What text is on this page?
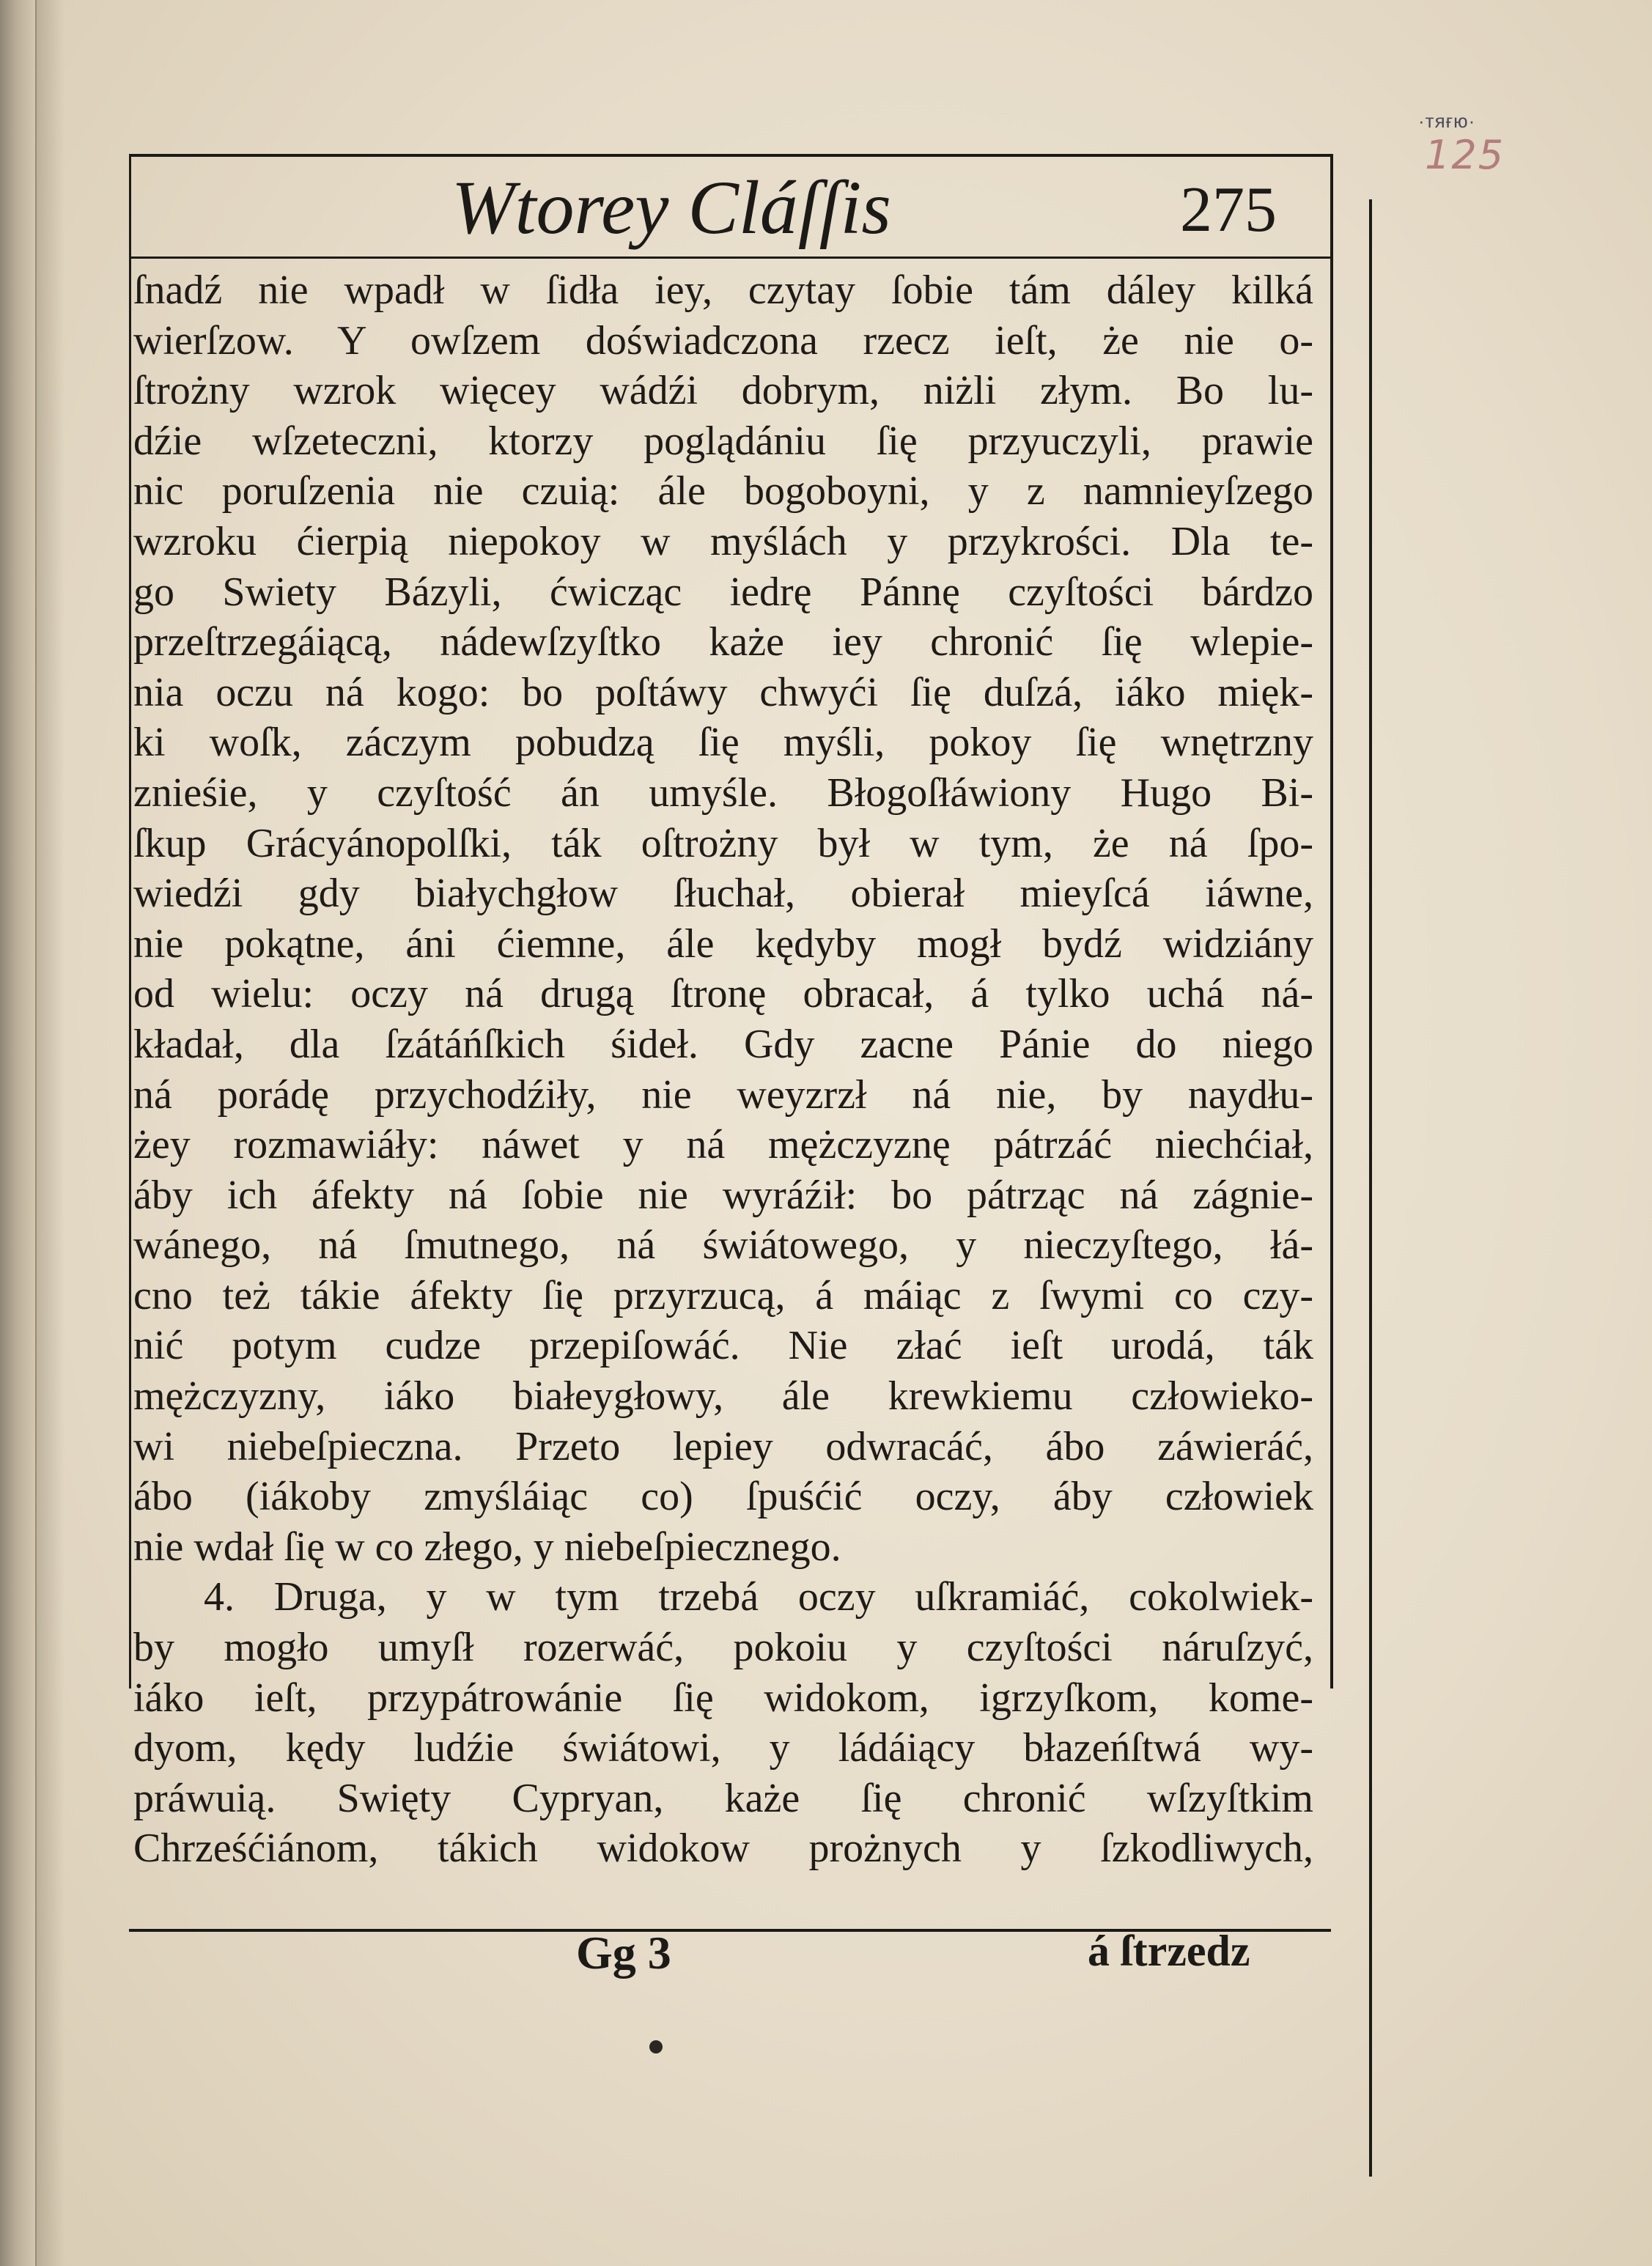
·тяғю·
125
Wtorey Cláſſis	275
ſnadź nie wpadł w ſidła iey, czytay ſobie tám dáley kilká
wierſzow. Y owſzem doświadczona rzecz ieſt, że nie o-
ſtrożny wzrok więcey wádźi dobrym, niżli złym. Bo lu-
dźie wſzeteczni, ktorzy poglądániu ſię przyuczyli, prawie
nic poruſzenia nie czuią: ále bogoboyni, y z namnieyſzego
wzroku ćierpią niepokoy w myślách y przykrości. Dla te-
go Swiety Bázyli, ćwicząc iedrę Pánnę czyſtości bárdzo
przeſtrzegáiącą, nádewſzyſtko każe iey chronić ſię wlepie-
nia oczu ná kogo: bo poſtáwy chwyći ſię duſzá, iáko mięk-
ki woſk, záczym pobudzą ſię myśli, pokoy ſię wnętrzny
znieśie, y czyſtość án umyśle. Błogoſłáwiony Hugo Bi-
ſkup Grácyánopolſki, ták oſtrożny był w tym, że ná ſpo-
wiedźi gdy białychgłow ſłuchał, obierał mieyſcá iáwne,
nie pokątne, áni ćiemne, ále kędyby mogł bydź widziány
od wielu: oczy ná drugą ſtronę obracał, á tylko uchá ná-
kładał, dla ſzátáńſkich śideł. Gdy zacne Pánie do niego
ná porádę przychodźiły, nie weyzrzł ná nie, by naydłu-
żey rozmawiáły: náwet y ná mężczyznę pátrzáć niechćiał,
áby ich áfekty ná ſobie nie wyráźił: bo pátrząc ná zágnie-
wánego, ná ſmutnego, ná świátowego, y nieczyſtego, łá-
cno też tákie áfekty ſię przyrzucą, á máiąc z ſwymi co czy-
nić potym cudze przepiſowáć. Nie złać ieſt urodá, ták
mężczyzny, iáko białeygłowy, ále krewkiemu człowieko-
wi niebeſpieczna. Przeto lepiey odwracáć, ábo záwieráć,
ábo (iákoby zmyśláiąc co) ſpuśćić oczy, áby człowiek
nie wdał ſię w co złego, y niebeſpiecznego.
4. Druga, y w tym trzebá oczy uſkramiáć, cokolwiek-
by mogło umyſł rozerwáć, pokoiu y czyſtości náruſzyć,
iáko ieſt, przypátrowánie ſię widokom, igrzyſkom, kome-
dyom, kędy ludźie świátowi, y ládáiący błazeńſtwá wy-
práwuią. Swięty Cypryan, każe ſię chronić wſzyſtkim
Chrześćiánom, tákich widokow prożnych y ſzkodliwych,
Gg 3	á ſtrzedz
